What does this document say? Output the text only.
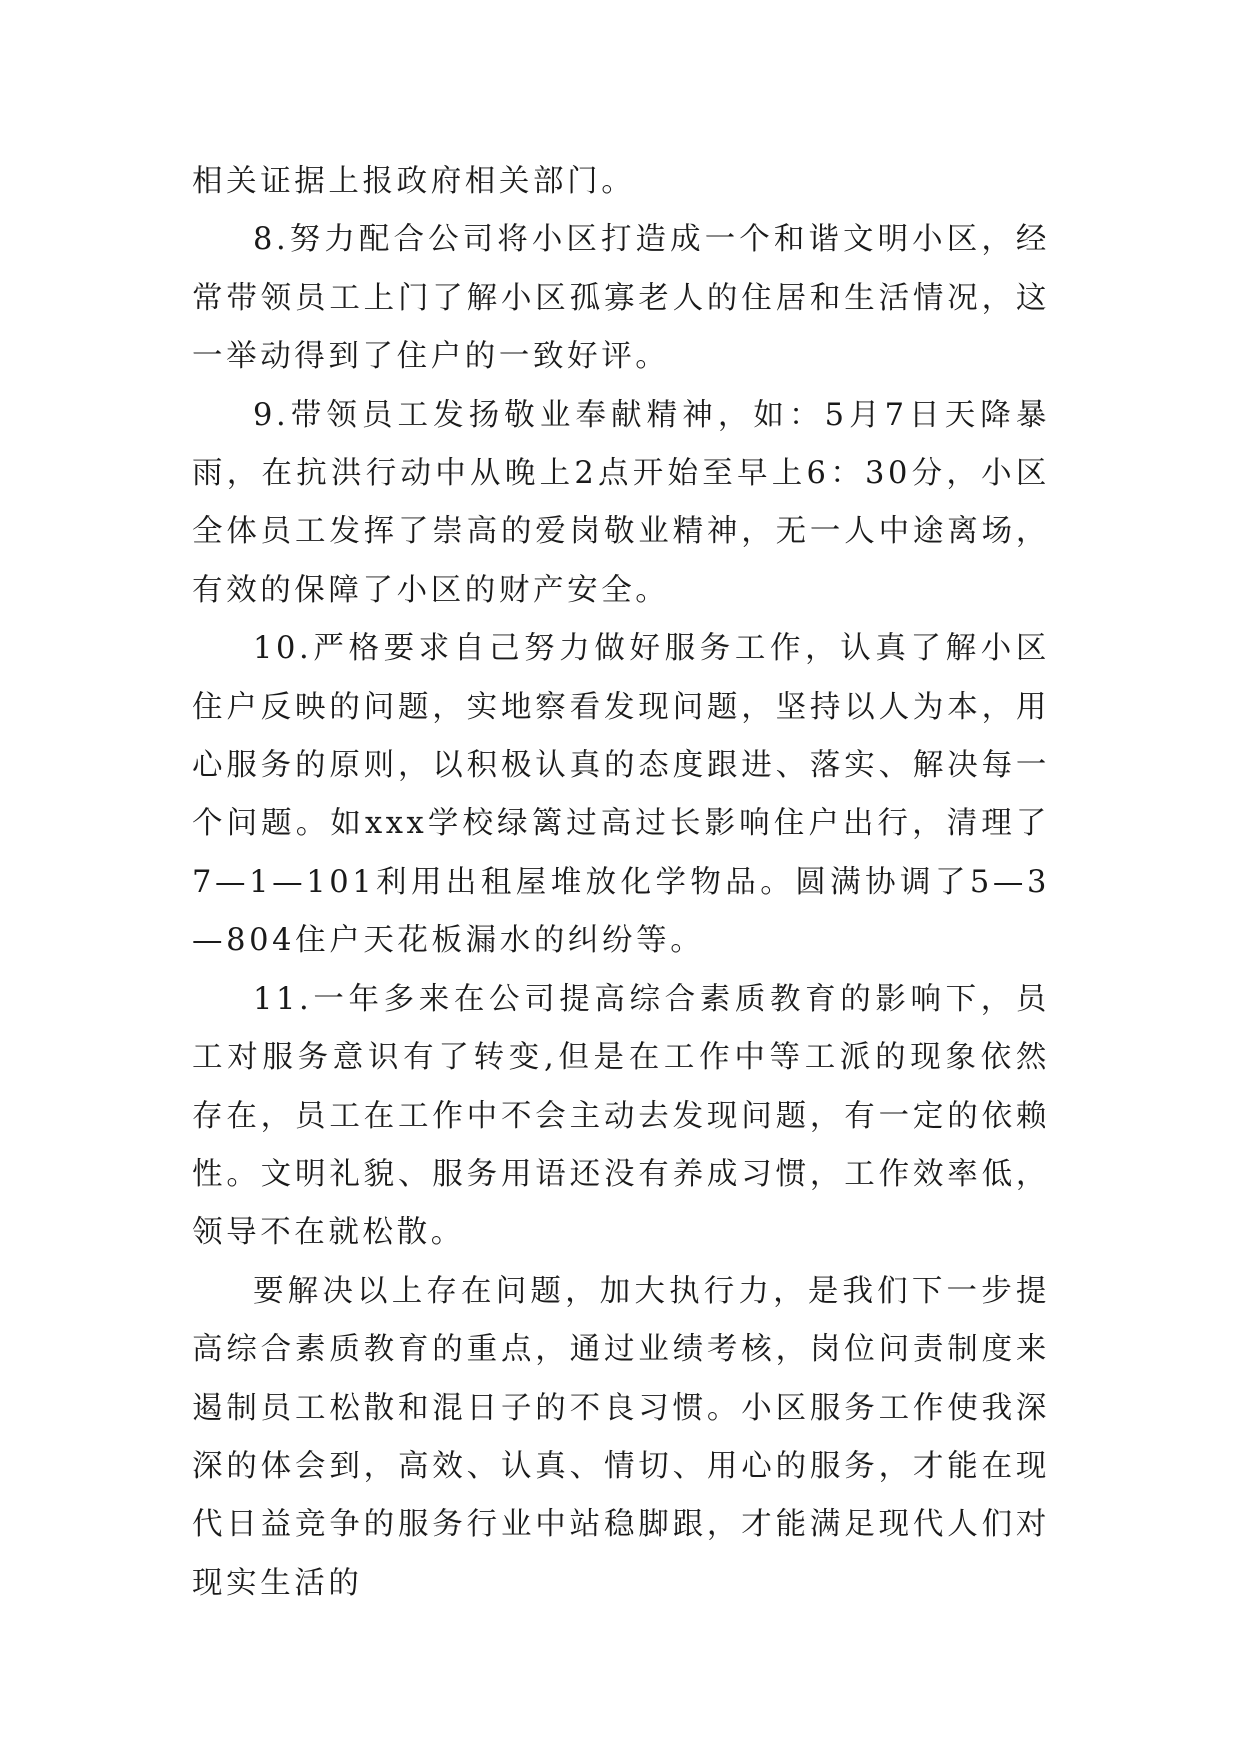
相关证据上报政府相关部门。

8.努力配合公司将小区打造成一个和谐文明小区，经常带领员工上门了解小区孤寡老人的住居和生活情况，这一举动得到了住户的一致好评。

9.带领员工发扬敬业奉献精神，如：5月7日天降暴雨，在抗洪行动中从晚上2点开始至早上6：30分，小区全体员工发挥了崇高的爱岗敬业精神，无一人中途离场，有效的保障了小区的财产安全。

10.严格要求自己努力做好服务工作，认真了解小区住户反映的问题，实地察看发现问题，坚持以人为本，用心服务的原则，以积极认真的态度跟进、落实、解决每一个问题。如xxx学校绿篱过高过长影响住户出行，清理了7—1—101利用出租屋堆放化学物品。圆满协调了5—3—804住户天花板漏水的纠纷等。

11.一年多来在公司提高综合素质教育的影响下，员工对服务意识有了转变,但是在工作中等工派的现象依然存在，员工在工作中不会主动去发现问题，有一定的依赖性。文明礼貌、服务用语还没有养成习惯，工作效率低，领导不在就松散。

要解决以上存在问题，加大执行力，是我们下一步提高综合素质教育的重点，通过业绩考核，岗位问责制度来遏制员工松散和混日子的不良习惯。小区服务工作使我深深的体会到，高效、认真、情切、用心的服务，才能在现代日益竞争的服务行业中站稳脚跟，才能满足现代人们对现实生活的
